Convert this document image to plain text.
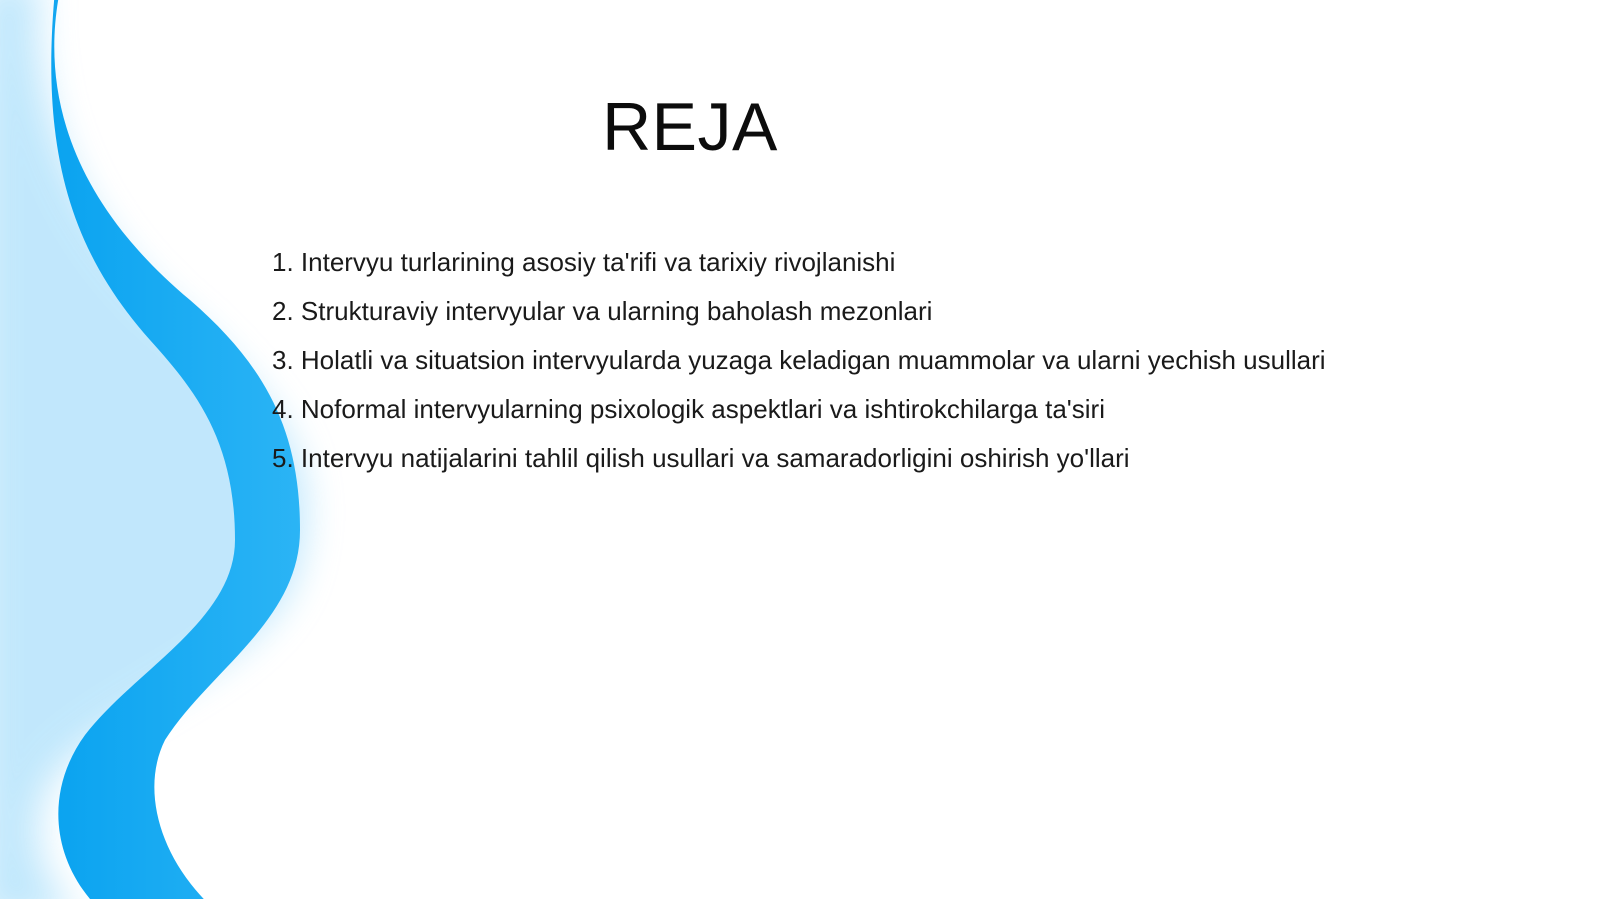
REJA
1. Intervyu turlarining asosiy ta'rifi va tarixiy rivojlanishi
2. Strukturaviy intervyular va ularning baholash mezonlari
3. Holatli va situatsion intervyularda yuzaga keladigan muammolar va ularni yechish usullari
4. Noformal intervyularning psixologik aspektlari va ishtirokchilarga ta'siri
5. Intervyu natijalarini tahlil qilish usullari va samaradorligini oshirish yo'llari
